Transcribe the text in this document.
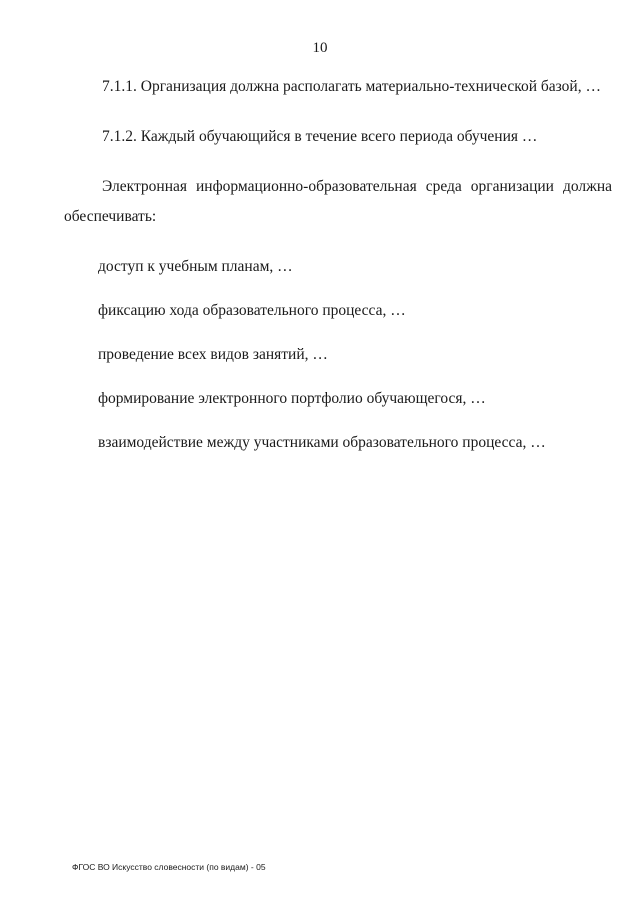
10

7.1.1. Организация должна располагать материально-технической базой, …

7.1.2. Каждый обучающийся в течение всего периода обучения …

Электронная информационно-образовательная среда организации должна обеспечивать:

доступ к учебным планам, …

фиксацию хода образовательного процесса, …

проведение всех видов занятий, …

формирование электронного портфолио обучающегося, …

взаимодействие между участниками образовательного процесса, …

ФГОС ВО Искусство словесности (по видам) - 05
